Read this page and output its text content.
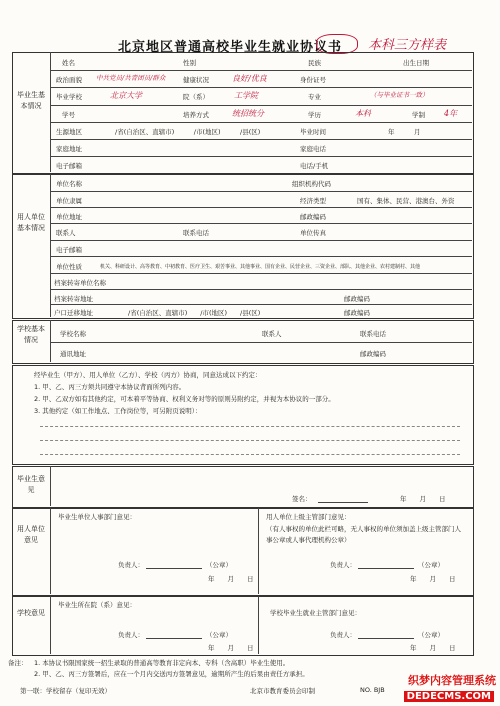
北京地区普通高校毕业生就业协议书 本科三方样表
毕业生基本情况
姓名	性别	民族	出生日期
政治面貌 中共党员/共青团员/群众	健康状况	良好/优良	身份证号
毕业学校	北京大学	院（系）	工学院	专业	（与毕业证书一致）
学号	培养方式	统招统分	学历	本科	学制 4年
生源地区	/省(自治区、直辖市)　　　/市(地区)　　　/县(区)	毕业时间	年　　　月
家庭地址	家庭电话
电子邮箱	电话/手机
用人单位基本情况
单位名称	组织机构代码
单位隶属	经济类型	国有、集体、民营、港澳台、外资
单位地址	邮政编码
联系人	联系电话	单位传真
电子邮箱
单位性质	机关、科研设计、高等教育、中初教育、医疗卫生、艰苦事业、其他事业、国有企业、民营企业、三资企业、部队、其他企业、农村建制村、其他
档案转寄单位名称
档案转寄地址	邮政编码
户口迁移地址	/省(自治区、直辖市)　　/市(地区)　　/县(区)	邮政编码
学校基本情况
学校名称	联系人	联系电话
通讯地址	邮政编码
经毕业生（甲方）、用人单位（乙方）、学校（丙方）协商，同意达成以下约定：
1. 甲、乙、丙三方须共同遵守本协议背面所列内容。
2. 甲、乙双方如有其他约定，可本着平等协商、权利义务对等的原则另附约定，并视为本协议的一部分。
3. 其他约定（如工作地点、工作岗位等，可另附页说明）：
毕业生意见
签名：	年　　月　　日
用人单位意见
毕业生单位人事部门意见：	用人单位上级主管部门意见：
（有人事权的单位此栏可略，无人事权的单位须加盖上级主管部门人事公章或人事代理机构公章）
负责人：	（公章）
年　　月　　日
负责人：	（公章）
年　　月　　日
学校意见
毕业生所在院（系）意见：
学校毕业生就业主管部门意见：
负责人：	（公章）
年　　月　　日
负责人：	（公章）
年　　月　　日
备注： 1. 本协议书限国家统一招生录取的普通高等教育非定向本、专科（含高职）毕业生使用。
2. 甲、乙、丙三方签署后，应在一个月内交送丙方签署意见，逾期所产生的后果由责任方承担。
第一联：学校留存（复印无效）	北京市教育委员会印制	NO. BJB
织梦内容管理系统
DEDECMS.COM
